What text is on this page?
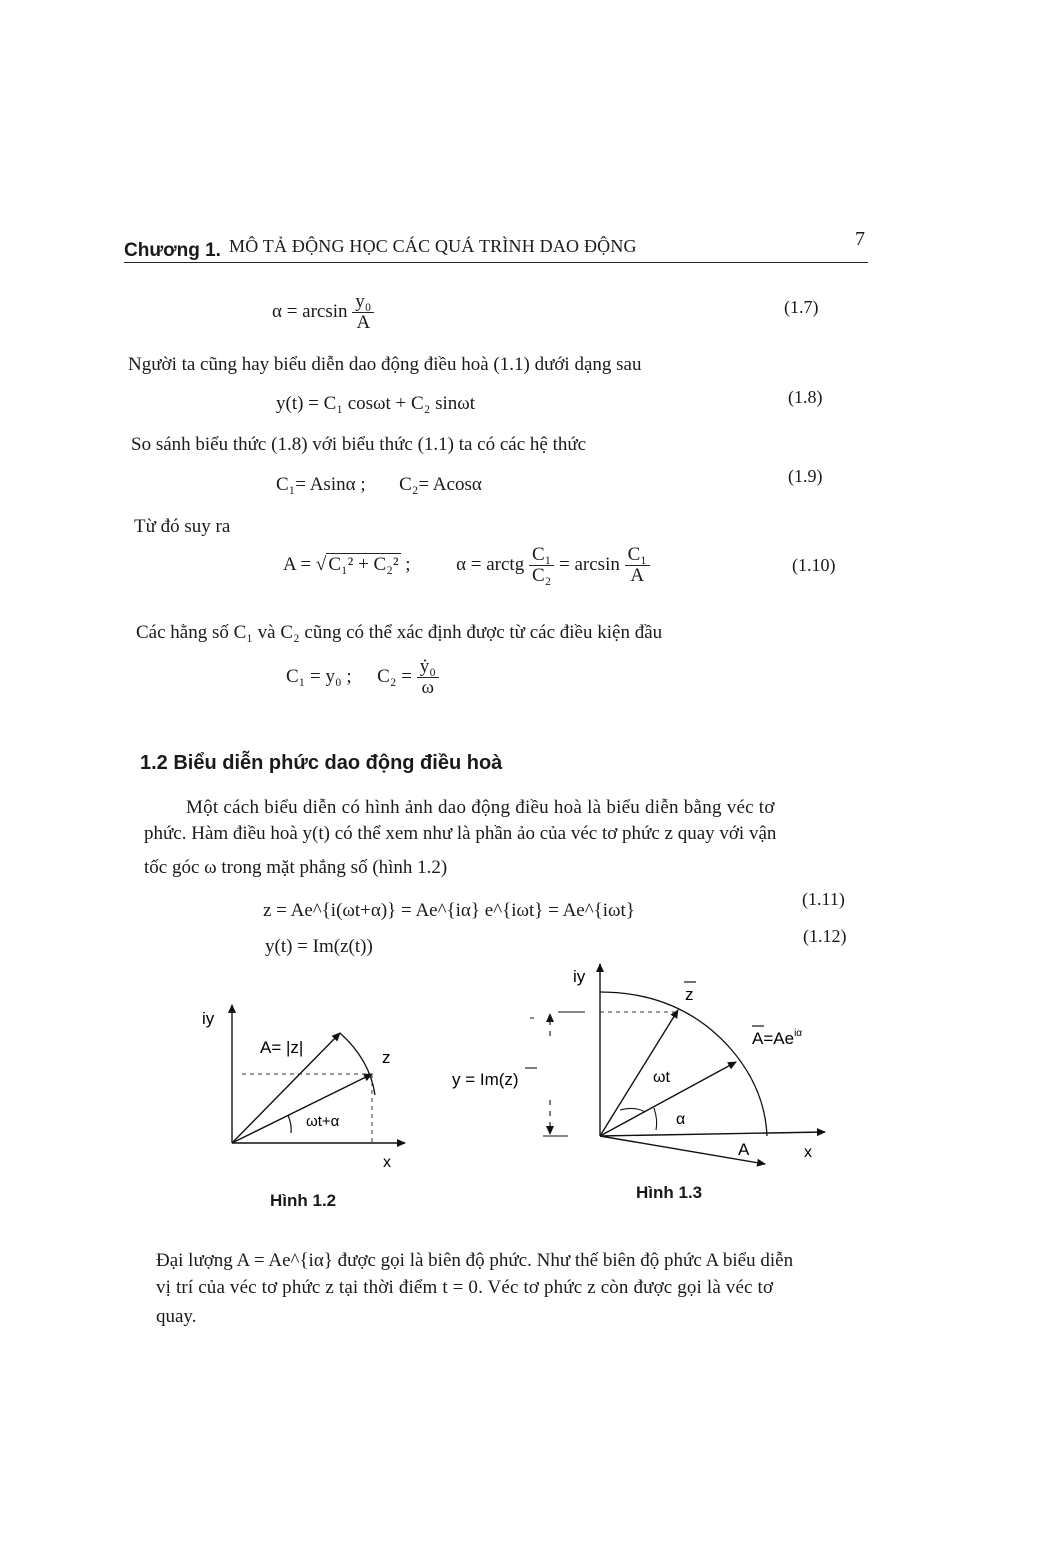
Chương 1. MÔ TẢ ĐỘNG HỌC CÁC QUÁ TRÌNH DAO ĐỘNG	7
$\alpha = \arcsin \frac{\text{y₀}}{A}$	(1.7)
Người ta cũng hay biểu diễn dao động điều hoà (1.1) dưới dạng sau
y(t) = C₁ cosωt + C₂ sinωt	(1.8)
So sánh biểu thức (1.8) với biểu thức (1.1) ta có các hệ thức
C₁= Asinα ; C₂= Acosα	(1.9)
Từ đó suy ra
A = √ C₁² + C₂² ; α = arctg $\frac{\text{C₁}}{\text{C₂}} = \arcsin \frac{\text{C₁}}{A}$	(1.10)
Các hằng số C₁ và C₂ cũng có thể xác định được từ các điều kiện đầu
C₁ = y₀ ; $C_2 = \frac{\text{ẏ₀}}{\omega}$
1.2 Biểu diễn phức dao động điều hoà
Một cách biểu diễn có hình ảnh dao động điều hoà là biểu diễn bằng véc tơ
phức. Hàm điều hoà y(t) có thể xem như là phần ảo của véc tơ phức z quay với vận
tốc góc ω trong mặt phẳng số (hình 1.2)
z = Ae^{i(ωt+α)} = Ae^{iα} e^{iωt} = Ae^{iωt}
(1.11)
y(t) = Im(z(t))	(1.12)
iy
x
A= |z|
z
ωt+α
Hình 1.2
iy
x
z
$A=Ae^{i\alpha}$
y = Im(z)	ωt
α
A
Hình 1.3
Đại lượng A = Ae^{iα} được gọi là biên độ phức. Như thế biên độ phức A biểu diễn
vị trí của véc tơ phức z tại thời điểm t = 0. Véc tơ phức z còn được gọi là véc tơ
quay.
